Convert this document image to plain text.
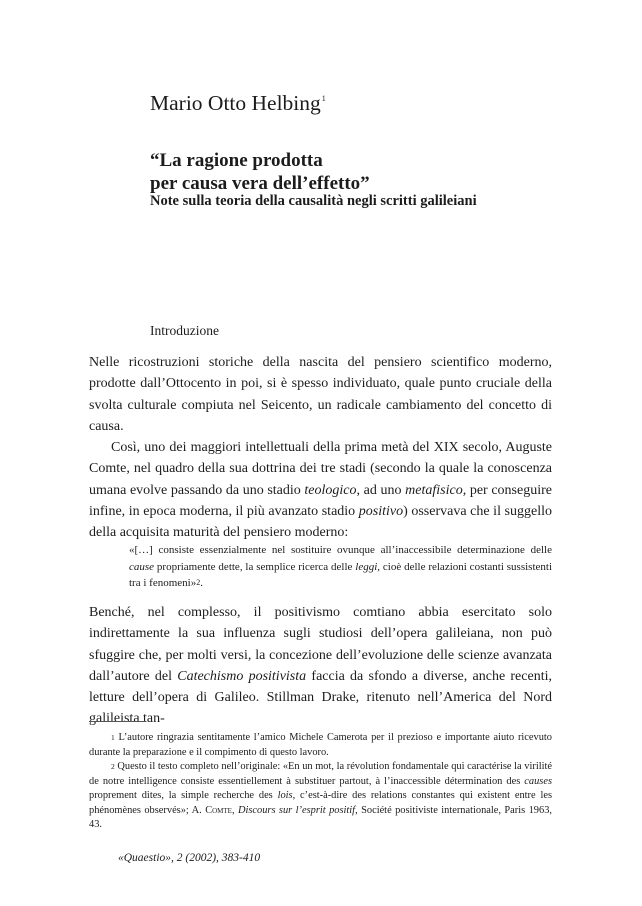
Mario Otto Helbing$^1$
“La ragione prodotta
per causa vera dell’effetto”
Note sulla teoria della causalità negli scritti galileiani
Introduzione

Nelle ricostruzioni storiche della nascita del pensiero scientifico moderno, prodotte dall’Ottocento in poi, si è spesso individuato, quale punto cruciale della svolta culturale compiuta nel Seicento, un radicale cambiamento del concetto di causa.

Così, uno dei maggiori intellettuali della prima metà del XIX secolo, Auguste Comte, nel quadro della sua dottrina dei tre stadi (secondo la quale la conoscenza umana evolve passando da uno stadio teologico, ad uno metafisico, per conseguire infine, in epoca moderna, il più avanzato stadio positivo) osservava che il suggello della acquisita maturità del pensiero moderno:

«[…] consiste essenzialmente nel sostituire ovunque all’inaccessibile determinazione delle cause propriamente dette, la semplice ricerca delle leggi, cioè delle relazioni costanti sussistenti tra i fenomeni»$^2$.
Benché, nel complesso, il positivismo comtiano abbia esercitato solo indirettamente la sua influenza sugli studiosi dell’opera galileiana, non può sfuggire che, per molti versi, la concezione dell’evoluzione delle scienze avanzata dall’autore del Catechismo positivista faccia da sfondo a diverse, anche recenti, letture dell’opera di Galileo. Stillman Drake, ritenuto nell’America del Nord galileista tan-
$^1$ L’autore ringrazia sentitamente l’amico Michele Camerota per il prezioso e importante aiuto ricevuto durante la preparazione e il compimento di questo lavoro.
$^2$ Questo il testo completo nell’originale: «En un mot, la révolution fondamentale qui caractérise la virilité de notre intelligence consiste essentiellement à substituer partout, à l’inaccessible détermination des causes proprement dites, la simple recherche des lois, c’est-à-dire des relations constantes qui existent entre les phénomènes observés»; A. Comte, Discours sur l’esprit positif, Société positiviste internationale, Paris 1963, 43.
«Quaestio», 2 (2002), 383-410
